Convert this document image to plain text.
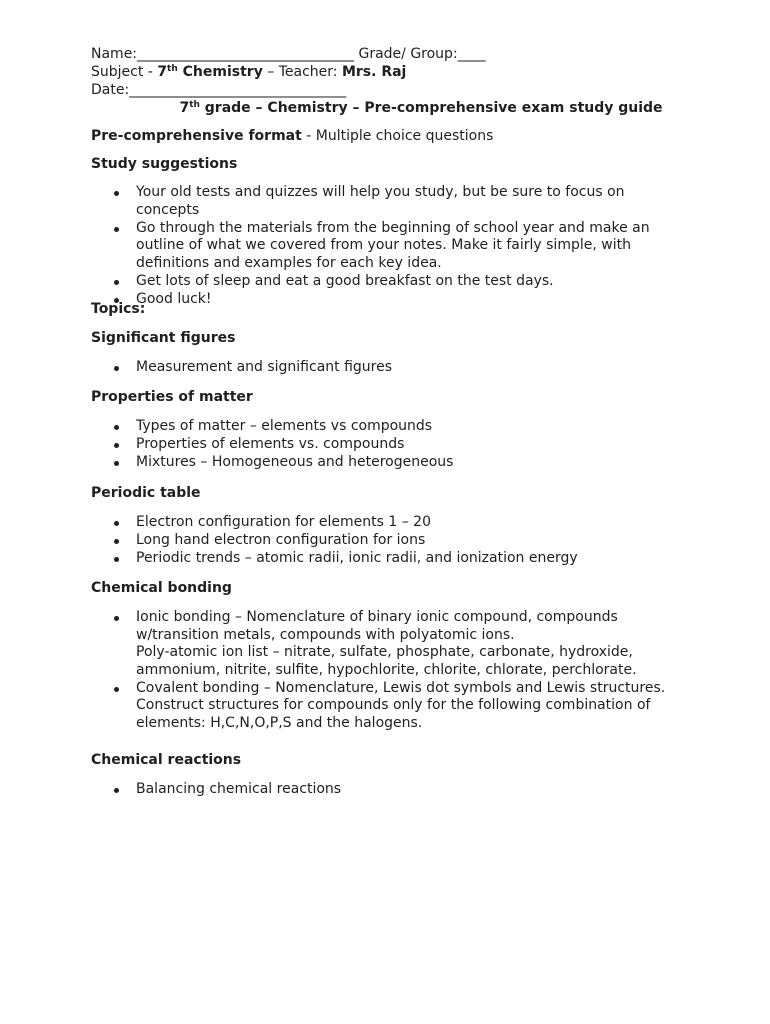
Name:_______________________________ Grade/ Group:____
Subject - 7th Chemistry – Teacher: Mrs. Raj
Date:_______________________________
7th grade – Chemistry – Pre-comprehensive exam study guide
Pre-comprehensive format - Multiple choice questions
Study suggestions
Your old tests and quizzes will help you study, but be sure to focus on concepts
Go through the materials from the beginning of school year and make an outline of what we covered from your notes. Make it fairly simple, with definitions and examples for each key idea.
Get lots of sleep and eat a good breakfast on the test days.
Good luck!
Topics:
Significant figures
Measurement and significant figures
Properties of matter
Types of matter – elements vs compounds
Properties of elements vs. compounds
Mixtures – Homogeneous and heterogeneous
Periodic table
Electron configuration for elements 1 – 20
Long hand electron configuration for ions
Periodic trends – atomic radii, ionic radii, and ionization energy
Chemical bonding
Ionic bonding – Nomenclature of binary ionic compound, compounds w/transition metals, compounds with polyatomic ions.
Poly-atomic ion list – nitrate, sulfate, phosphate, carbonate, hydroxide, ammonium, nitrite, sulfite, hypochlorite, chlorite, chlorate, perchlorate.
Covalent bonding – Nomenclature, Lewis dot symbols and Lewis structures.
Construct structures for compounds only for the following combination of elements: H,C,N,O,P,S and the halogens.
Chemical reactions
Balancing chemical reactions
